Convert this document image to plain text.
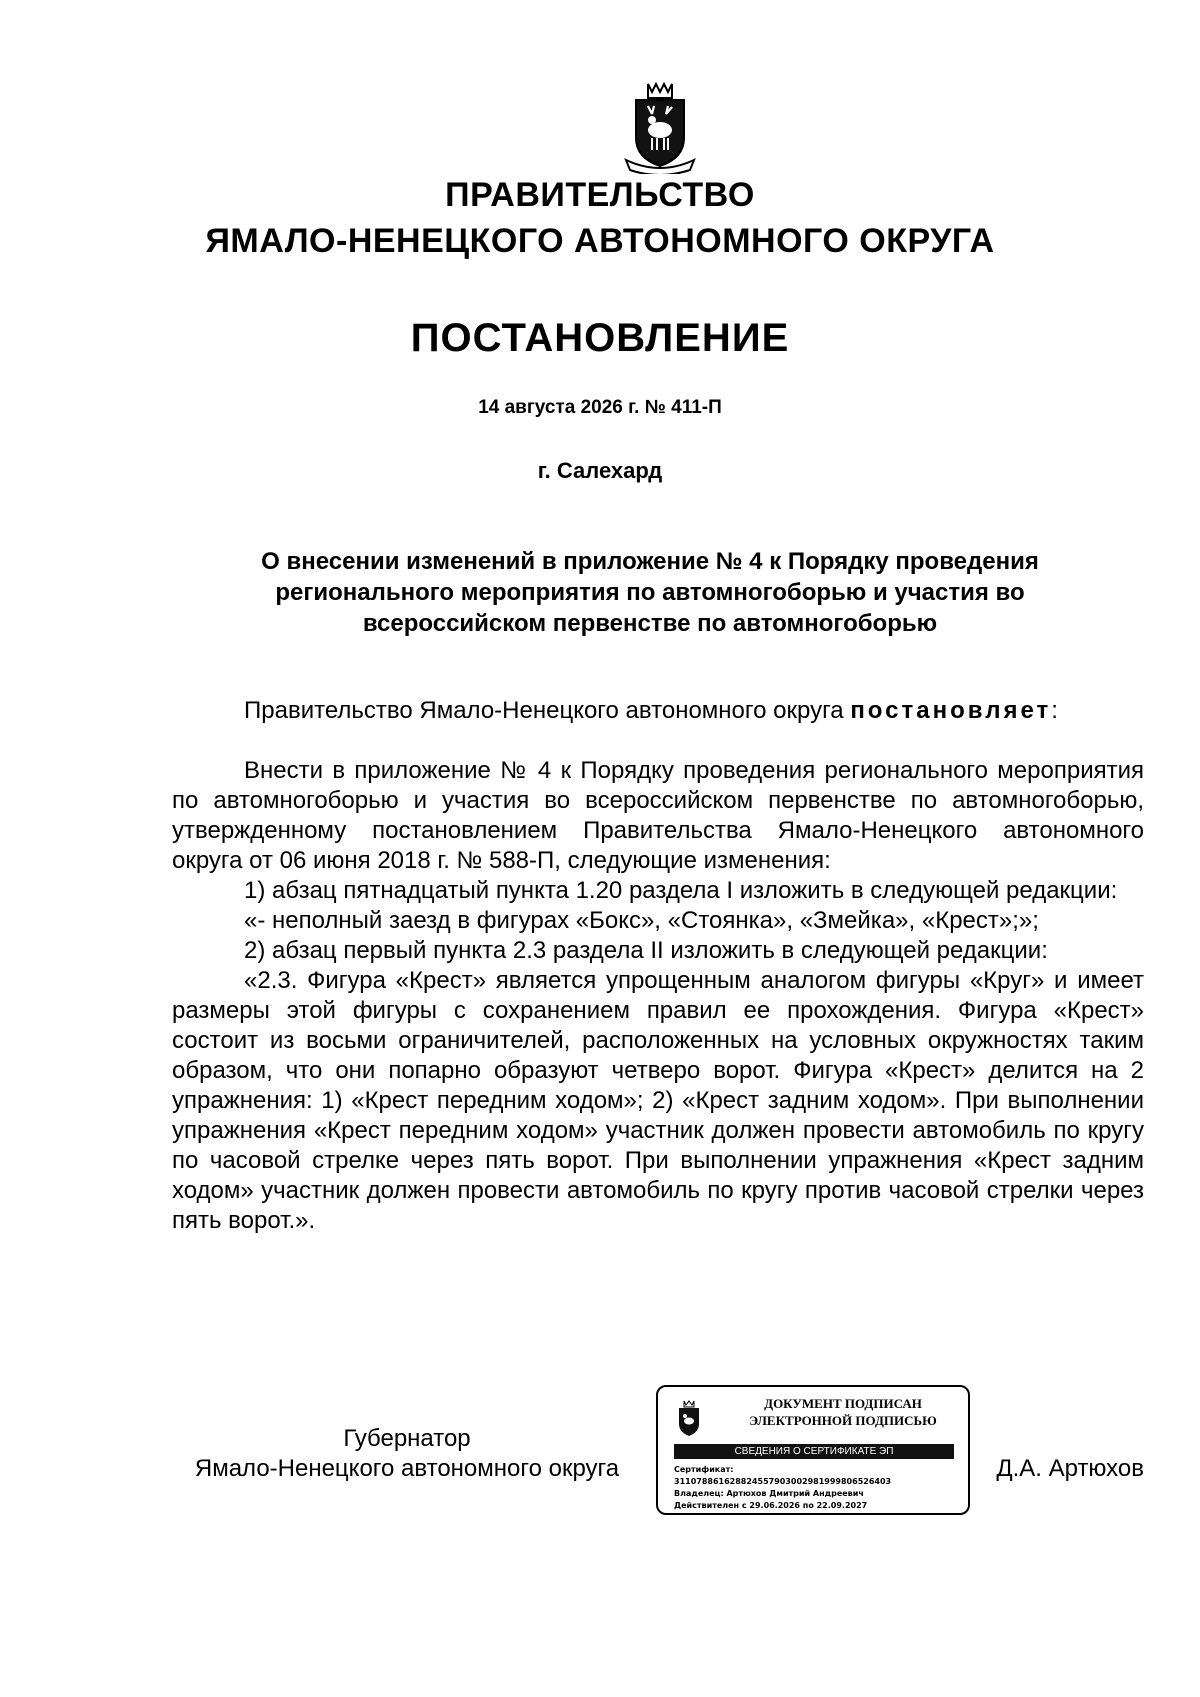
ПРАВИТЕЛЬСТВО
ЯМАЛО-НЕНЕЦКОГО АВТОНОМНОГО ОКРУГА
ПОСТАНОВЛЕНИЕ
14 августа 2026 г. № 411-П
г. Салехард
О внесении изменений в приложение № 4 к Порядку проведения
регионального мероприятия по автомногоборью и участия во
всероссийском первенстве по автомногоборью

Правительство Ямало-Ненецкого автономного округа постановляет:

Внести в приложение № 4 к Порядку проведения регионального мероприятия по автомногоборью и участия во всероссийском первенстве по автомногоборью, утвержденному постановлением Правительства Ямало-Ненецкого автономного округа от 06 июня 2018 г. № 588-П, следующие изменения:

1) абзац пятнадцатый пункта 1.20 раздела I изложить в следующей редакции:

«- неполный заезд в фигурах «Бокс», «Стоянка», «Змейка», «Крест»;»;

2) абзац первый пункта 2.3 раздела II изложить в следующей редакции:

«2.3. Фигура «Крест» является упрощенным аналогом фигуры «Круг» и имеет размеры этой фигуры с сохранением правил ее прохождения. Фигура «Крест» состоит из восьми ограничителей, расположенных на условных окружностях таким образом, что они попарно образуют четверо ворот. Фигура «Крест» делится на 2 упражнения: 1) «Крест передним ходом»; 2) «Крест задним ходом». При выполнении упражнения «Крест передним ходом» участник должен провести автомобиль по кругу по часовой стрелке через пять ворот. При выполнении упражнения «Крест задним ходом» участник должен провести автомобиль по кругу против часовой стрелки через пять ворот.».

Губернатор
Ямало-Ненецкого автономного округа
ДОКУМЕНТ ПОДПИСАН
ЭЛЕКТРОННОЙ ПОДПИСЬЮ
СВЕДЕНИЯ О СЕРТИФИКАТЕ ЭП
Сертификат:
311078861628824557903002981999806526403
Владелец: Артюхов Дмитрий Андреевич
Действителен с 29.06.2026 по 22.09.2027
Д.А. Артюхов
